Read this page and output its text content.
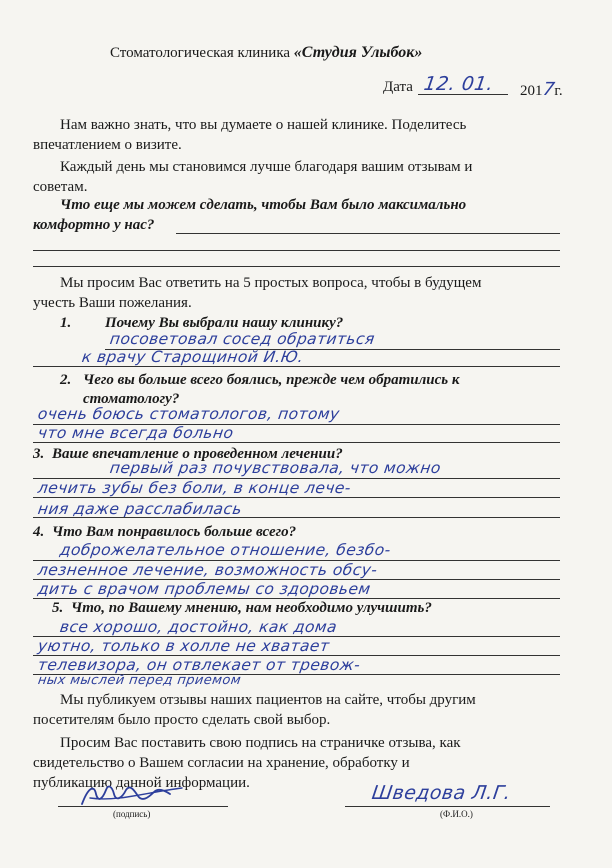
Стоматологическая клиника «Студия Улыбок»
Дата 12. 01. 2017г.
Нам важно знать, что вы думаете о нашей клинике. Поделитесь
впечатлением о визите.
Каждый день мы становимся лучше благодаря вашим отзывам и
советам.
Что еще мы можем сделать, чтобы Вам было максимально
комфортно у нас?
Мы просим Вас ответить на 5 простых вопроса, чтобы в будущем
учесть Ваши пожелания.
1. Почему Вы выбрали нашу клинику?
посоветовал сосед обратиться
к врачу Старощиной И.Ю.
2. Чего вы больше всего боялись, прежде чем обратились к
стоматологу?
очень боюсь стоматологов, потому
что мне всегда больно
3. Ваше впечатление о проведенном лечении?
первый раз почувствовала, что можно
лечить зубы без боли, в конце лече-
ния даже расслабилась
4. Что Вам понравилось больше всего?
доброжелательное отношение, безбо-
лезненное лечение, возможность обсу-
дить с врачом проблемы со здоровьем
5. Что, по Вашему мнению, нам необходимо улучшить?
все хорошо, достойно, как дома
уютно, только в холле не хватает
телевизора, он отвлекает от тревож-
ных мыслей перед приемом
Мы публикуем отзывы наших пациентов на сайте, чтобы другим
посетителям было просто сделать свой выбор.
Просим Вас поставить свою подпись на страничке отзыва, как
свидетельство о Вашем согласии на хранение, обработку и
публикацию данной информации.
(подпись)
Шведова Л.Г.
(Ф.И.О.)
